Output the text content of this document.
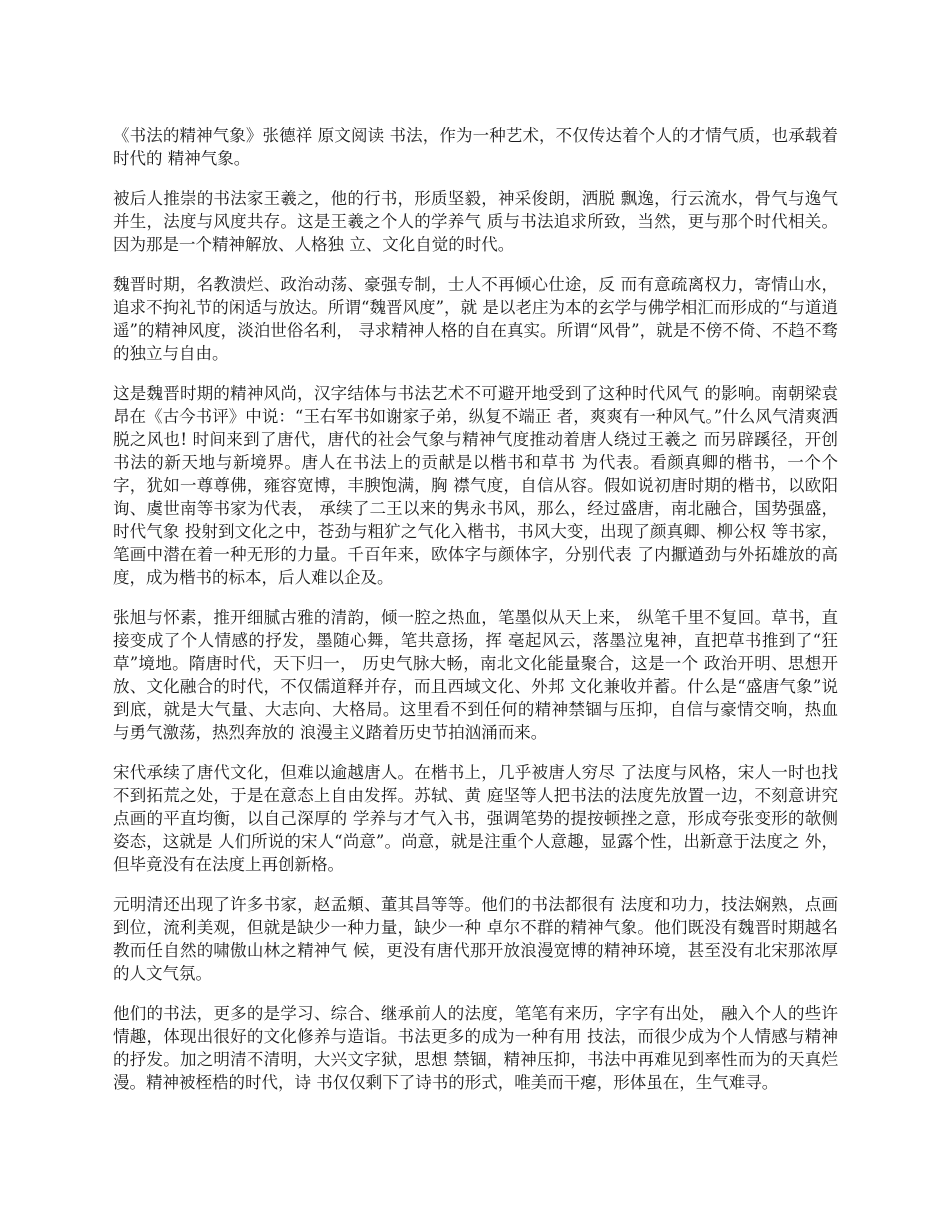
《书法的精神气象》张德祥 原文阅读 书法，作为一种艺术，不仅传达着个人的才情气质，也承载着时代的 精神气象。

被后人推崇的书法家王羲之，他的行书，形质坚毅，神采俊朗，洒脱 飘逸，行云流水，骨气与逸气并生，法度与风度共存。这是王羲之个人的学养气 质与书法追求所致，当然，更与那个时代相关。因为那是一个精神解放、人格独 立、文化自觉的时代。

魏晋时期，名教溃烂、政治动荡、豪强专制，士人不再倾心仕途，反 而有意疏离权力，寄情山水，追求不拘礼节的闲适与放达。所谓“魏晋风度”，就 是以老庄为本的玄学与佛学相汇而形成的“与道逍遥”的精神风度，淡泊世俗名利， 寻求精神人格的自在真实。所谓“风骨”，就是不傍不倚、不趋不骛的独立与自由。

这是魏晋时期的精神风尚，汉字结体与书法艺术不可避开地受到了这种时代风气 的影响。南朝梁袁昂在《古今书评》中说：“王右军书如谢家子弟，纵复不端正 者，爽爽有一种风气。”什么风气清爽洒脱之风也! 时间来到了唐代，唐代的社会气象与精神气度推动着唐人绕过王羲之 而另辟蹊径，开创书法的新天地与新境界。唐人在书法上的贡献是以楷书和草书 为代表。看颜真卿的楷书，一个个字，犹如一尊尊佛，雍容宽博，丰腴饱满，胸 襟气度，自信从容。假如说初唐时期的楷书，以欧阳询、虞世南等书家为代表， 承续了二王以来的隽永书风，那么，经过盛唐，南北融合，国势强盛，时代气象 投射到文化之中，苍劲与粗犷之气化入楷书，书风大变，出现了颜真卿、柳公权 等书家，笔画中潜在着一种无形的力量。千百年来，欧体字与颜体字，分别代表 了内擫遒劲与外拓雄放的高度，成为楷书的标本，后人难以企及。

张旭与怀素，推开细腻古雅的清韵，倾一腔之热血，笔墨似从天上来， 纵笔千里不复回。草书，直接变成了个人情感的抒发，墨随心舞，笔共意扬，挥 毫起风云，落墨泣鬼神，直把草书推到了“狂草”境地。隋唐时代，天下归一， 历史气脉大畅，南北文化能量聚合，这是一个 政治开明、思想开放、文化融合的时代，不仅儒道释并存，而且西域文化、外邦 文化兼收并蓄。什么是“盛唐气象”说到底，就是大气量、大志向、大格局。这里看不到任何的精神禁锢与压抑，自信与豪情交响，热血与勇气激荡，热烈奔放的 浪漫主义踏着历史节拍汹涌而来。

宋代承续了唐代文化，但难以逾越唐人。在楷书上，几乎被唐人穷尽 了法度与风格，宋人一时也找不到拓荒之处，于是在意态上自由发挥。苏轼、黄 庭坚等人把书法的法度先放置一边，不刻意讲究点画的平直均衡，以自己深厚的 学养与才气入书，强调笔势的提按顿挫之意，形成夸张变形的欹侧姿态，这就是 人们所说的宋人“尚意”。尚意，就是注重个人意趣，显露个性，出新意于法度之 外，但毕竟没有在法度上再创新格。

元明清还出现了许多书家，赵孟頫、董其昌等等。他们的书法都很有 法度和功力，技法娴熟，点画到位，流利美观，但就是缺少一种力量，缺少一种 卓尔不群的精神气象。他们既没有魏晋时期越名教而任自然的啸傲山林之精神气 候，更没有唐代那开放浪漫宽博的精神环境，甚至没有北宋那浓厚的人文气氛。

他们的书法，更多的是学习、综合、继承前人的法度，笔笔有来历，字字有出处， 融入个人的些许情趣，体现出很好的文化修养与造诣。书法更多的成为一种有用 技法，而很少成为个人情感与精神的抒发。加之明清不清明，大兴文字狱，思想 禁锢，精神压抑，书法中再难见到率性而为的天真烂漫。精神被桎梏的时代，诗 书仅仅剩下了诗书的形式，唯美而干瘪，形体虽在，生气难寻。
